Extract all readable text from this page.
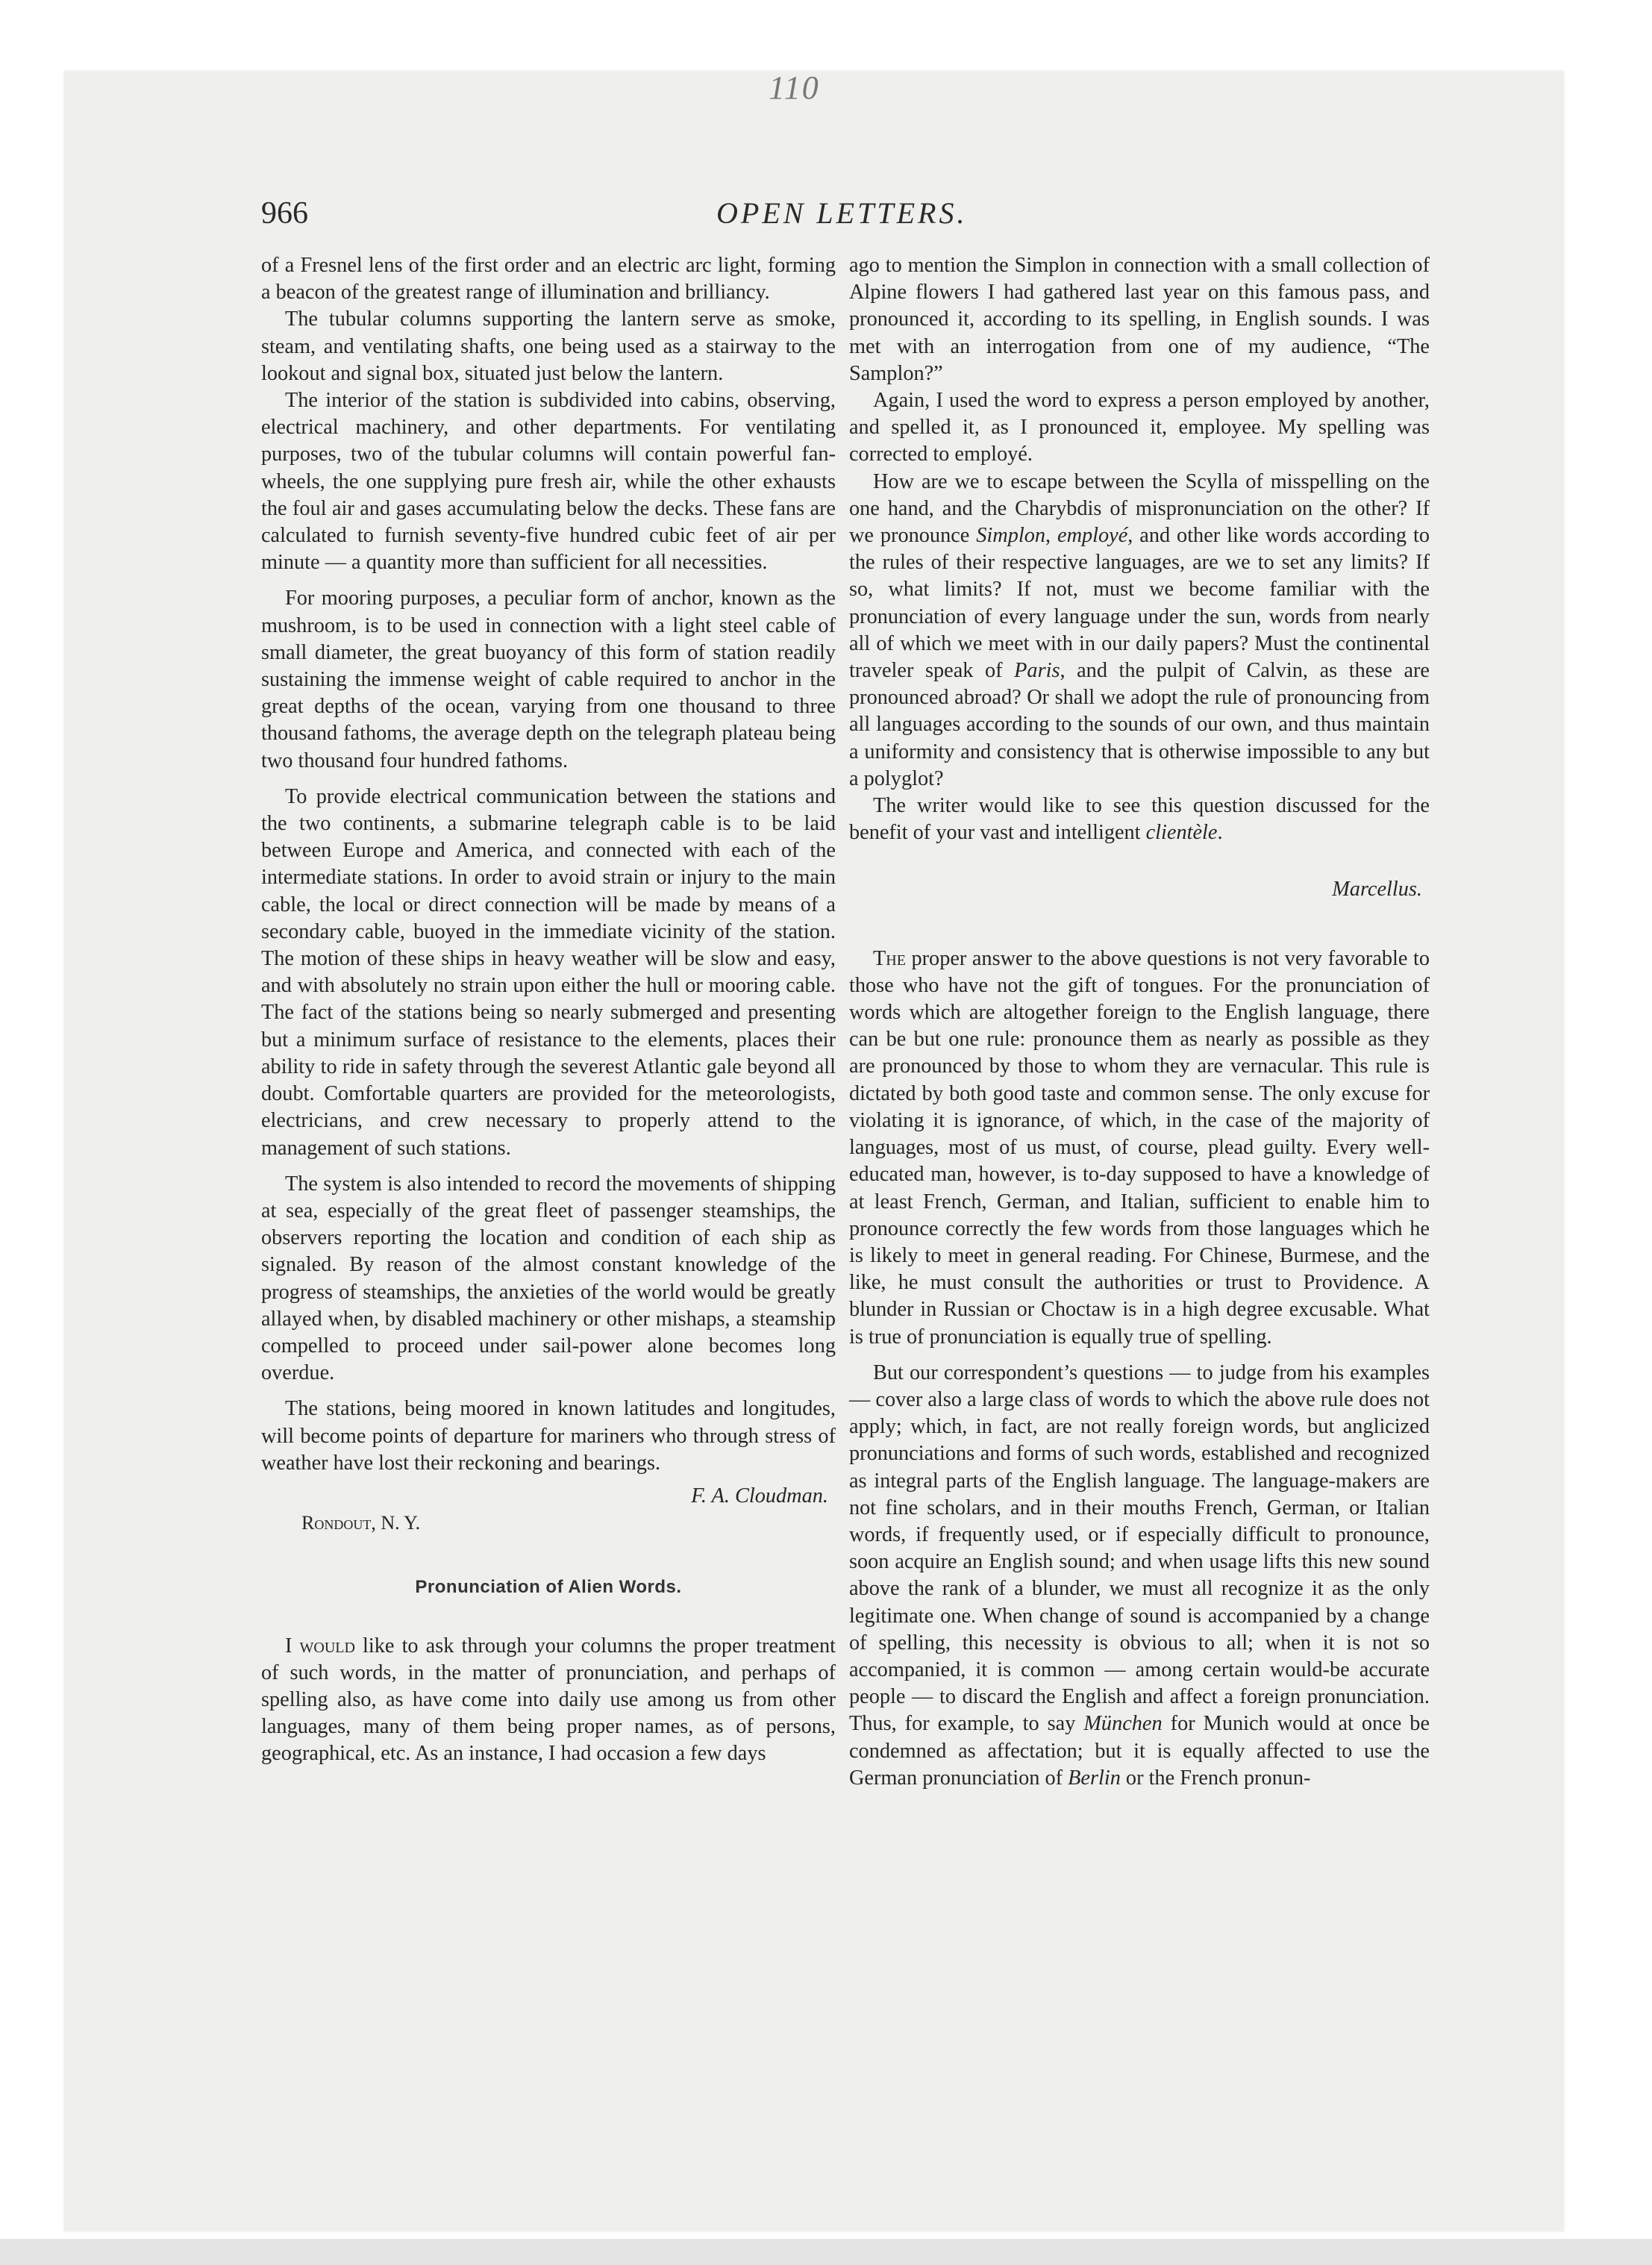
110
966	OPEN LETTERS.

of a Fresnel lens of the first order and an electric arc light, forming a beacon of the greatest range of illumination and brilliancy.

The tubular columns supporting the lantern serve as smoke, steam, and ventilating shafts, one being used as a stairway to the lookout and signal box, situated just below the lantern.

The interior of the station is subdivided into cabins, observing, electrical machinery, and other departments. For ventilating purposes, two of the tubular columns will contain powerful fan-wheels, the one supplying pure fresh air, while the other exhausts the foul air and gases accumulating below the decks. These fans are calculated to furnish seventy-five hundred cubic feet of air per minute — a quantity more than sufficient for all necessities.

For mooring purposes, a peculiar form of anchor, known as the mushroom, is to be used in connection with a light steel cable of small diameter, the great buoyancy of this form of station readily sustaining the immense weight of cable required to anchor in the great depths of the ocean, varying from one thousand to three thousand fathoms, the average depth on the telegraph plateau being two thousand four hundred fathoms.

To provide electrical communication between the stations and the two continents, a submarine telegraph cable is to be laid between Europe and America, and connected with each of the intermediate stations. In order to avoid strain or injury to the main cable, the local or direct connection will be made by means of a secondary cable, buoyed in the immediate vicinity of the station. The motion of these ships in heavy weather will be slow and easy, and with absolutely no strain upon either the hull or mooring cable. The fact of the stations being so nearly submerged and presenting but a minimum surface of resistance to the elements, places their ability to ride in safety through the severest Atlantic gale beyond all doubt. Comfortable quarters are provided for the meteorologists, electricians, and crew necessary to properly attend to the management of such stations.

The system is also intended to record the movements of shipping at sea, especially of the great fleet of passenger steamships, the observers reporting the location and condition of each ship as signaled. By reason of the almost constant knowledge of the progress of steamships, the anxieties of the world would be greatly allayed when, by disabled machinery or other mishaps, a steamship compelled to proceed under sail-power alone becomes long overdue.

The stations, being moored in known latitudes and longitudes, will become points of departure for mariners who through stress of weather have lost their reckoning and bearings.

F. A. Cloudman.

Rondout, N. Y.

Pronunciation of Alien Words.

I would like to ask through your columns the proper treatment of such words, in the matter of pronunciation, and perhaps of spelling also, as have come into daily use among us from other languages, many of them being proper names, as of persons, geographical, etc. As an instance, I had occasion a few days

ago to mention the Simplon in connection with a small collection of Alpine flowers I had gathered last year on this famous pass, and pronounced it, according to its spelling, in English sounds. I was met with an interrogation from one of my audience, “The Samplon?”

Again, I used the word to express a person employed by another, and spelled it, as I pronounced it, employee. My spelling was corrected to employé.

How are we to escape between the Scylla of misspelling on the one hand, and the Charybdis of mispronunciation on the other? If we pronounce Simplon, employé, and other like words according to the rules of their respective languages, are we to set any limits? If so, what limits? If not, must we become familiar with the pronunciation of every language under the sun, words from nearly all of which we meet with in our daily papers? Must the continental traveler speak of Paris, and the pulpit of Calvin, as these are pronounced abroad? Or shall we adopt the rule of pronouncing from all languages according to the sounds of our own, and thus maintain a uniformity and consistency that is otherwise impossible to any but a polyglot?

The writer would like to see this question discussed for the benefit of your vast and intelligent clientèle.

Marcellus.

The proper answer to the above questions is not very favorable to those who have not the gift of tongues. For the pronunciation of words which are altogether foreign to the English language, there can be but one rule: pronounce them as nearly as possible as they are pronounced by those to whom they are vernacular. This rule is dictated by both good taste and common sense. The only excuse for violating it is ignorance, of which, in the case of the majority of languages, most of us must, of course, plead guilty. Every well-educated man, however, is to-day supposed to have a knowledge of at least French, German, and Italian, sufficient to enable him to pronounce correctly the few words from those languages which he is likely to meet in general reading. For Chinese, Burmese, and the like, he must consult the authorities or trust to Providence. A blunder in Russian or Choctaw is in a high degree excusable. What is true of pronunciation is equally true of spelling.

But our correspondent’s questions — to judge from his examples — cover also a large class of words to which the above rule does not apply; which, in fact, are not really foreign words, but anglicized pronunciations and forms of such words, established and recognized as integral parts of the English language. The language-makers are not fine scholars, and in their mouths French, German, or Italian words, if frequently used, or if especially difficult to pronounce, soon acquire an English sound; and when usage lifts this new sound above the rank of a blunder, we must all recognize it as the only legitimate one. When change of sound is accompanied by a change of spelling, this necessity is obvious to all; when it is not so accompanied, it is common — among certain would-be accurate people — to discard the English and affect a foreign pronunciation. Thus, for example, to say München for Munich would at once be condemned as affectation; but it is equally affected to use the German pronunciation of Berlin or the French pronun-
